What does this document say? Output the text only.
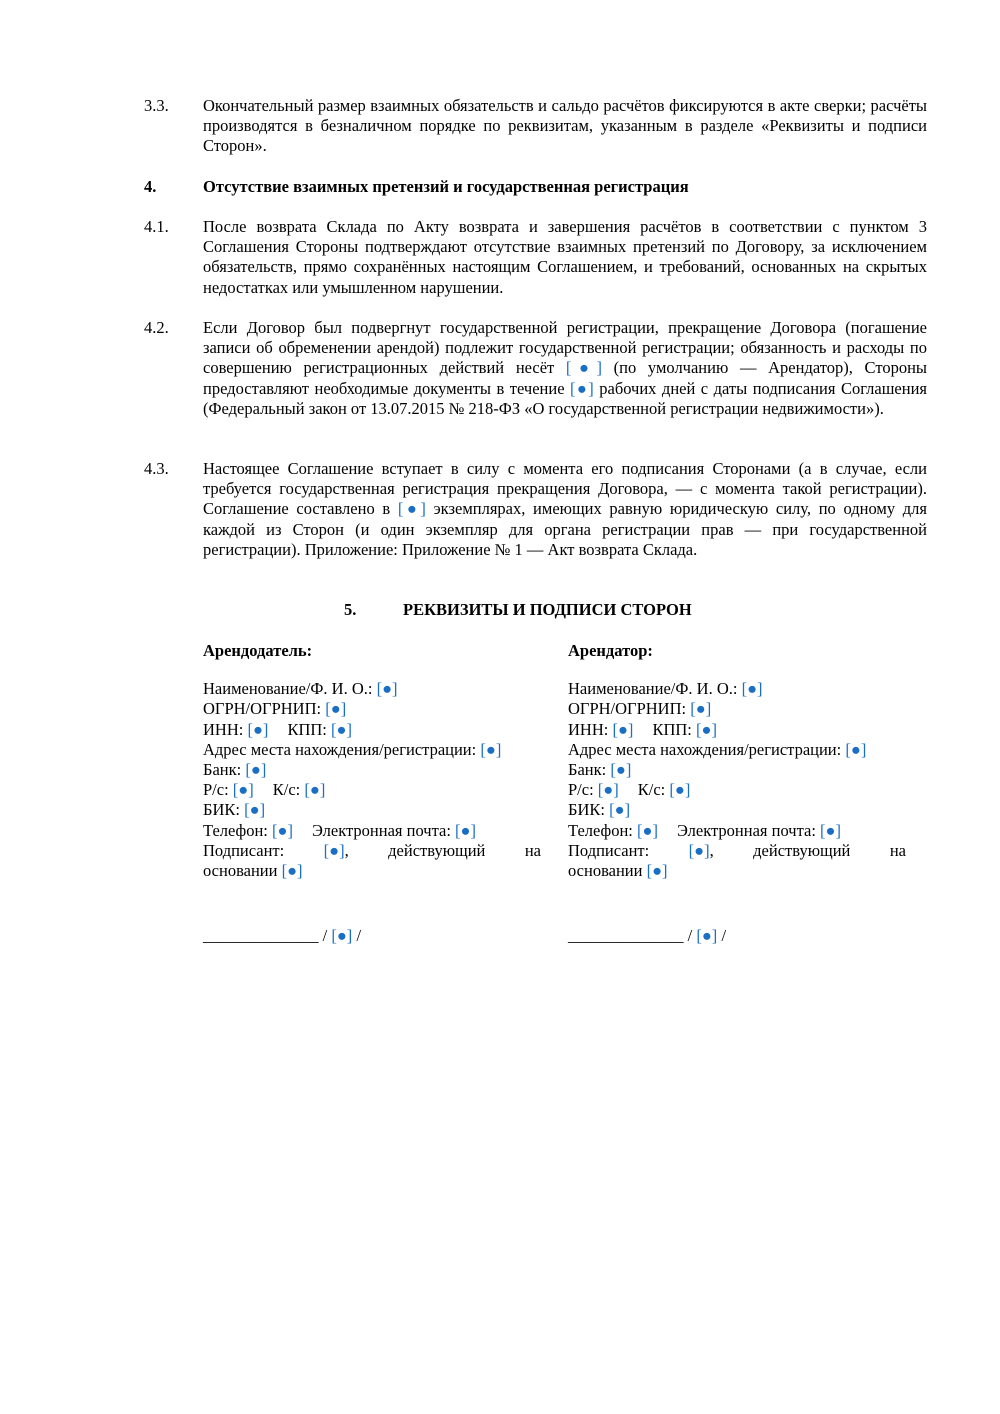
3.3. Окончательный размер взаимных обязательств и сальдо расчётов фиксируются в акте сверки; расчёты производятся в безналичном порядке по реквизитам, указанным в разделе «Реквизиты и подписи Сторон».
4.	Отсутствие взаимных претензий и государственная регистрация
4.1. После возврата Склада по Акту возврата и завершения расчётов в соответствии с пунктом 3 Соглашения Стороны подтверждают отсутствие взаимных претензий по Договору, за исключением обязательств, прямо сохранённых настоящим Соглашением, и требований, основанных на скрытых недостатках или умышленном нарушении.
4.2. Если Договор был подвергнут государственной регистрации, прекращение Договора (погашение записи об обременении арендой) подлежит государственной регистрации; обязанность и расходы по совершению регистрационных действий несёт [●] (по умолчанию — Арендатор), Стороны предоставляют необходимые документы в течение [●] рабочих дней с даты подписания Соглашения (Федеральный закон от 13.07.2015 № 218-ФЗ «О государственной регистрации недвижимости»).
4.3. Настоящее Соглашение вступает в силу с момента его подписания Сторонами (а в случае, если требуется государственная регистрация прекращения Договора, — с момента такой регистрации). Соглашение составлено в [●] экземплярах, имеющих равную юридическую силу, по одному для каждой из Сторон (и один экземпляр для органа регистрации прав — при государственной регистрации). Приложение: Приложение № 1 — Акт возврата Склада.
5.	РЕКВИЗИТЫ И ПОДПИСИ СТОРОН
Арендодатель:
Наименование/Ф. И. О.: [●]
ОГРН/ОГРНИП: [●]
ИНН: [●] КПП: [●]
Адрес места нахождения/регистрации: [●]
Банк: [●]
Р/с: [●] К/с: [●]
БИК: [●]
Телефон: [●] Электронная почта: [●]
Подписант: [●], действующий на
основании [●]
Арендатор:
Наименование/Ф. И. О.: [●]
ОГРН/ОГРНИП: [●]
ИНН: [●] КПП: [●]
Адрес места нахождения/регистрации: [●]
Банк: [●]
Р/с: [●] К/с: [●]
БИК: [●]
Телефон: [●] Электронная почта: [●]
Подписант: [●], действующий на
основании [●]
______________ / [●] /	______________ / [●] /
